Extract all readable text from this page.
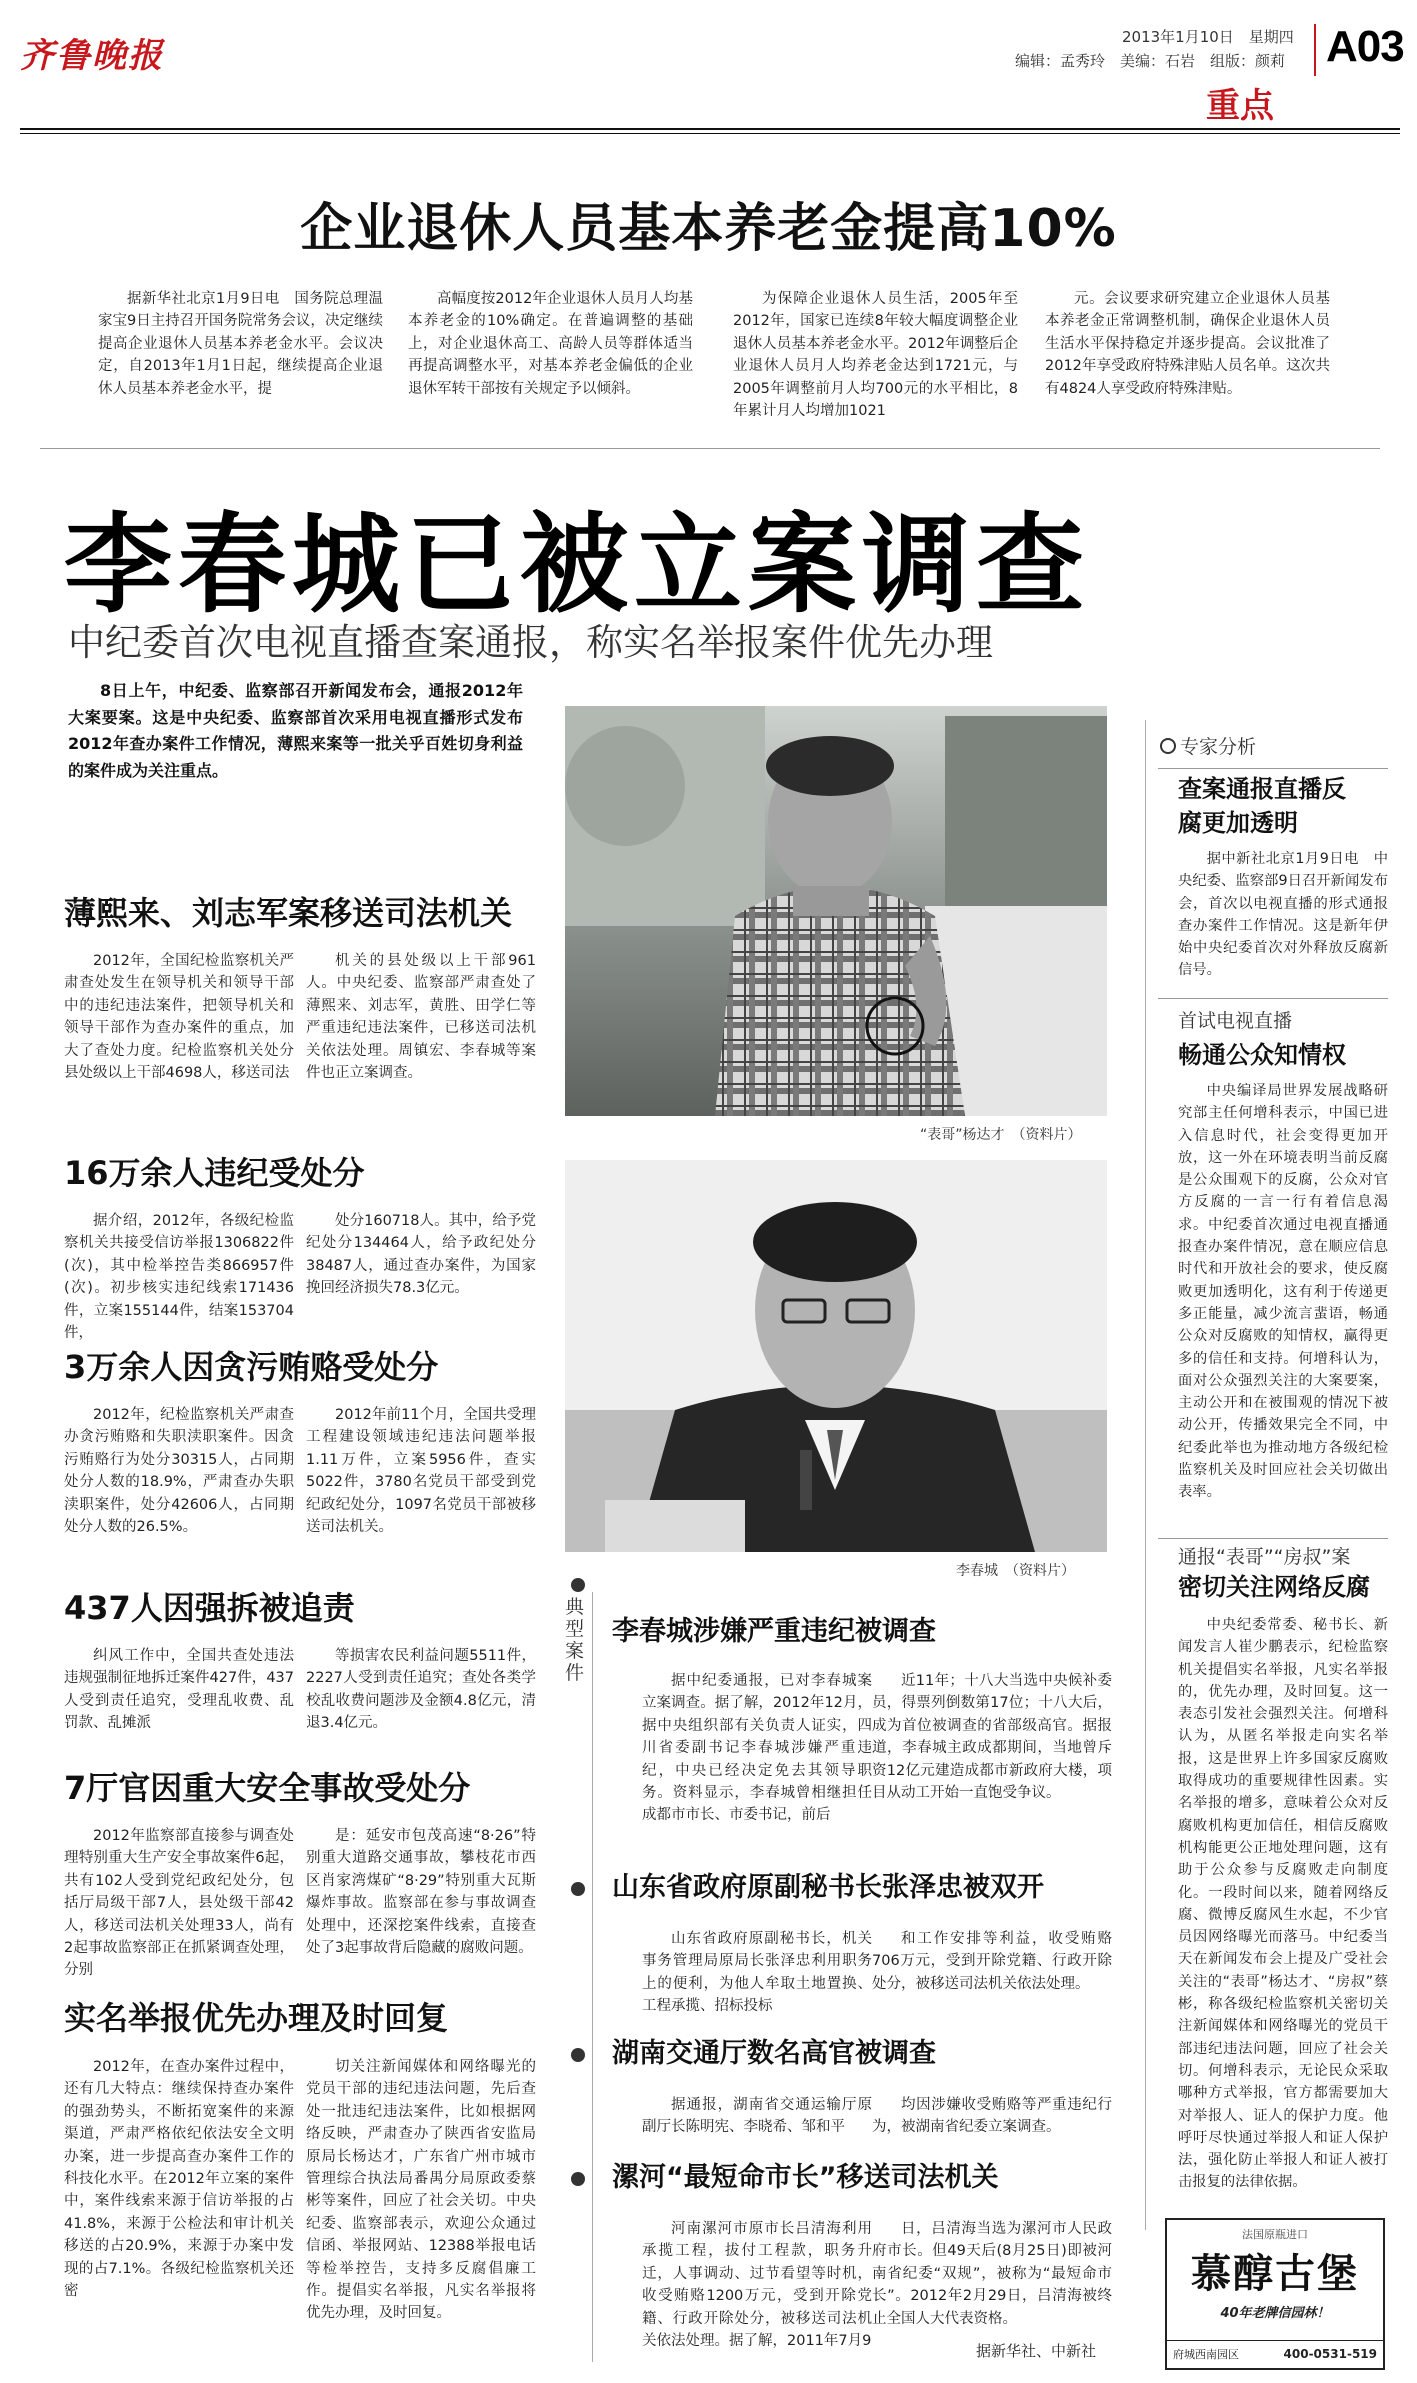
齐鲁晚报	2013年1月10日　星期四
编辑：孟秀玲　美编：石岩　组版：颜莉 A03
重点
企业退休人员基本养老金提高10%
据新华社北京1月9日电　国务院总理温家宝9日主持召开国务院常务会议，决定继续提高企业退休人员基本养老金水平。会议决定，自2013年1月1日起，继续提高企业退休人员基本养老金水平，提
高幅度按2012年企业退休人员月人均基本养老金的10%确定。在普遍调整的基础上，对企业退休高工、高龄人员等群体适当再提高调整水平，对基本养老金偏低的企业退休军转干部按有关规定予以倾斜。
为保障企业退休人员生活，2005年至2012年，国家已连续8年较大幅度调整企业退休人员基本养老金水平。2012年调整后企业退休人员月人均养老金达到1721元，与2005年调整前月人均700元的水平相比，8年累计月人均增加1021
元。会议要求研究建立企业退休人员基本养老金正常调整机制，确保企业退休人员生活水平保持稳定并逐步提高。会议批准了2012年享受政府特殊津贴人员名单。这次共有4824人享受政府特殊津贴。
李春城已被立案调查
中纪委首次电视直播查案通报，称实名举报案件优先办理
8日上午，中纪委、监察部召开新闻发布会，通报2012年大案要案。这是中央纪委、监察部首次采用电视直播形式发布2012年查办案件工作情况，薄熙来案等一批关乎百姓切身利益的案件成为关注重点。
薄熙来、刘志军案移送司法机关
2012年，全国纪检监察机关严肃查处发生在领导机关和领导干部中的违纪违法案件，把领导机关和领导干部作为查办案件的重点，加大了查处力度。纪检监察机关处分县处级以上干部4698人，移送司法
机关的县处级以上干部961人。中央纪委、监察部严肃查处了薄熙来、刘志军，黄胜、田学仁等严重违纪违法案件，已移送司法机关依法处理。周镇宏、李春城等案件也正立案调查。
16万余人违纪受处分
据介绍，2012年，各级纪检监察机关共接受信访举报1306822件(次)，其中检举控告类866957件(次)。初步核实违纪线索171436件，立案155144件，结案153704件，
处分160718人。其中，给予党纪处分134464人，给予政纪处分38487人，通过查办案件，为国家挽回经济损失78.3亿元。
3万余人因贪污贿赂受处分
2012年，纪检监察机关严肃查办贪污贿赂和失职渎职案件。因贪污贿赂行为处分30315人，占同期处分人数的18.9%，严肃查办失职渎职案件，处分42606人，占同期处分人数的26.5%。
2012年前11个月，全国共受理工程建设领域违纪违法问题举报1.11万件，立案5956件，查实5022件，3780名党员干部受到党纪政纪处分，1097名党员干部被移送司法机关。
437人因强拆被追责
纠风工作中，全国共查处违法违规强制征地拆迁案件427件，437人受到责任追究，受理乱收费、乱罚款、乱摊派
等损害农民利益问题5511件，2227人受到责任追究；查处各类学校乱收费问题涉及金额4.8亿元，清退3.4亿元。
7厅官因重大安全事故受处分
2012年监察部直接参与调查处理特别重大生产安全事故案件6起，共有102人受到党纪政纪处分，包括厅局级干部7人，县处级干部42人，移送司法机关处理33人，尚有2起事故监察部正在抓紧调查处理，分别
是：延安市包茂高速“8·26”特别重大道路交通事故，攀枝花市西区肖家湾煤矿“8·29”特别重大瓦斯爆炸事故。监察部在参与事故调查处理中，还深挖案件线索，直接查处了3起事故背后隐藏的腐败问题。
实名举报优先办理及时回复
2012年，在查办案件过程中，还有几大特点：继续保持查办案件的强劲势头，不断拓宽案件的来源渠道，严肃严格依纪依法安全文明办案，进一步提高查办案件工作的科技化水平。在2012年立案的案件中，案件线索来源于信访举报的占41.8%，来源于公检法和审计机关移送的占20.9%，来源于办案中发现的占7.1%。各级纪检监察机关还密
切关注新闻媒体和网络曝光的党员干部的违纪违法问题，先后查处一批违纪违法案件，比如根据网络反映，严肃查办了陕西省安监局原局长杨达才，广东省广州市城市管理综合执法局番禺分局原政委蔡彬等案件，回应了社会关切。中央纪委、监察部表示，欢迎公众通过信函、举报网站、12388举报电话等检举控告，支持多反腐倡廉工作。提倡实名举报，凡实名举报将优先办理，及时回复。
“表哥”杨达才　（资料片）
李春城　（资料片）
专家分析
查案通报直播反腐更加透明
据中新社北京1月9日电　中央纪委、监察部9日召开新闻发布会，首次以电视直播的形式通报查办案件工作情况。这是新年伊始中央纪委首次对外释放反腐新信号。
首试电视直播
畅通公众知情权
中央编译局世界发展战略研究部主任何增科表示，中国已进入信息时代，社会变得更加开放，这一外在环境表明当前反腐是公众围观下的反腐，公众对官方反腐的一言一行有着信息渴求。中纪委首次通过电视直播通报查办案件情况，意在顺应信息时代和开放社会的要求，使反腐败更加透明化，这有利于传递更多正能量，减少流言蜚语，畅通公众对反腐败的知情权，赢得更多的信任和支持。何增科认为，面对公众强烈关注的大案要案，主动公开和在被围观的情况下被动公开，传播效果完全不同，中纪委此举也为推动地方各级纪检监察机关及时回应社会关切做出表率。
通报“表哥”“房叔”案
密切关注网络反腐
中央纪委常委、秘书长、新闻发言人崔少鹏表示，纪检监察机关提倡实名举报，凡实名举报的，优先办理，及时回复。这一表态引发社会强烈关注。何增科认为，从匿名举报走向实名举报，这是世界上许多国家反腐败取得成功的重要规律性因素。实名举报的增多，意味着公众对反腐败机构更加信任，相信反腐败机构能更公正地处理问题，这有助于公众参与反腐败走向制度化。一段时间以来，随着网络反腐、微博反腐风生水起，不少官员因网络曝光而落马。中纪委当天在新闻发布会上提及广受社会关注的“表哥”杨达才、“房叔”蔡彬，称各级纪检监察机关密切关注新闻媒体和网络曝光的党员干部违纪违法问题，回应了社会关切。何增科表示，无论民众采取哪种方式举报，官方都需要加大对举报人、证人的保护力度。他呼吁尽快通过举报人和证人保护法，强化防止举报人和证人被打击报复的法律依据。
典型案件
李春城涉嫌严重违纪被调查
据中纪委通报，已对李春城案立案调查。据了解，2012年12月，据中央组织部有关负责人证实，四川省委副书记李春城涉嫌严重违纪，中央已经决定免去其领导职务。资料显示，李春城曾相继担任成都市市长、市委书记，前后
近11年；十八大当选中央候补委员，得票列倒数第17位；十八大后，成为首位被调查的省部级高官。据报道，李春城主政成都期间，当地曾斥资12亿元建造成都市新政府大楼，项目从动工开始一直饱受争议。
山东省政府原副秘书长张泽忠被双开
山东省政府原副秘书长，机关事务管理局原局长张泽忠利用职务上的便利，为他人牟取土地置换、工程承揽、招标投标
和工作安排等利益，收受贿赂706万元，受到开除党籍、行政开除处分，被移送司法机关依法处理。
湖南交通厅数名高官被调查
据通报，湖南省交通运输厅原副厅长陈明宪、李晓希、邹和平
均因涉嫌收受贿赂等严重违纪行为，被湖南省纪委立案调查。
漯河“最短命市长”移送司法机关
河南漯河市原市长吕清海利用承揽工程，拔付工程款，职务升迁，人事调动、过节看望等时机，收受贿赂1200万元，受到开除党籍、行政开除处分，被移送司法机关依法处理。据了解，2011年7月9
日，吕清海当选为漯河市人民政府市长。但49天后(8月25日)即被河南省纪委“双规”，被称为“最短命市长”。2012年2月29日，吕清海被终止全国人大代表资格。
据新华社、中新社
法国原瓶进口
慕醇古堡
40年老牌信园林！
府城西南园区	400-0531-519
